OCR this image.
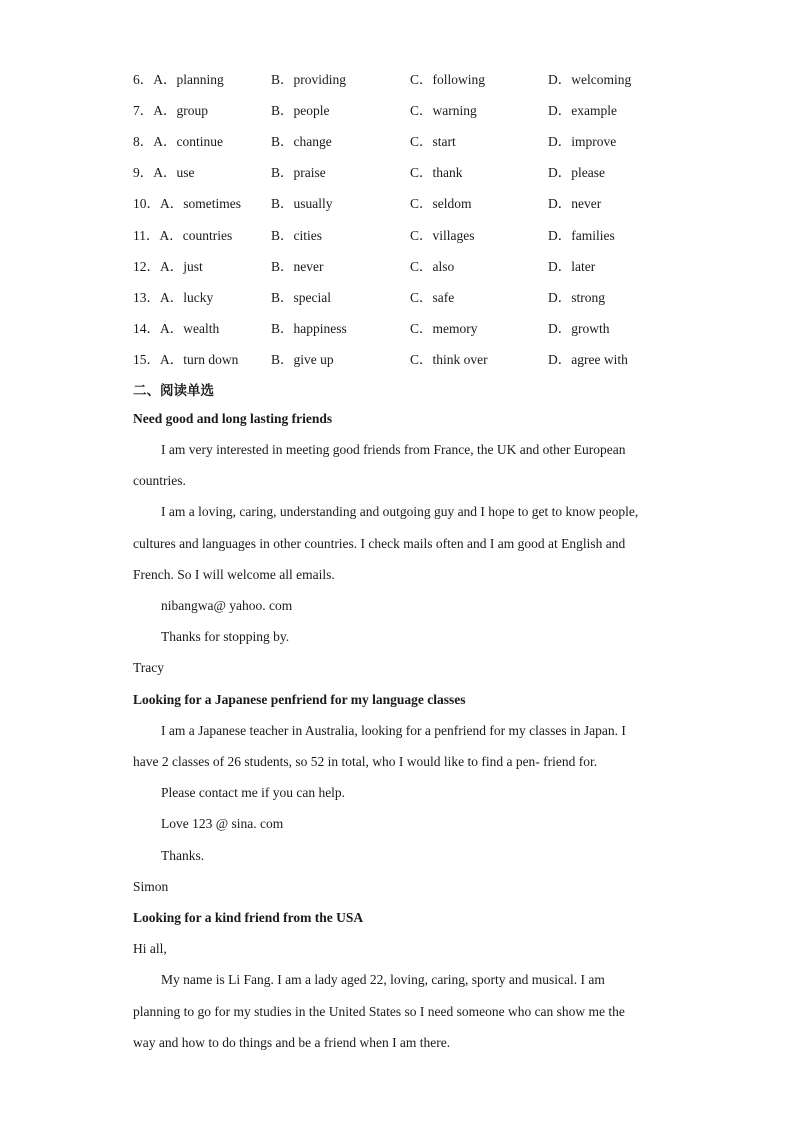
6．A．planning	B．providing	C．following	D．welcoming
7．A．group	B．people	C．warning	D．example
8．A．continue	B．change	C．start	D．improve
9．A．use	B．praise	C．thank	D．please
10．A．sometimes B．usually	C．seldom	D．never
11．A．countries	B．cities	C．villages	D．families
12．A．just	B．never	C．also	D．later
13．A．lucky	B．special	C．safe	D．strong
14．A．wealth	B．happiness	C．memory	D．growth
15．A．turn down B．give up	C．think over	D．agree with
二、阅读单选
Need good and long lasting friends
I am very interested in meeting good friends from France, the UK and other European
countries.
I am a loving, caring, understanding and outgoing guy and I hope to get to know people,
cultures and languages in other countries. I check mails often and I am good at English and
French. So I will welcome all emails.
nibangwa@ yahoo. com
Thanks for stopping by.
Tracy
Looking for a Japanese penfriend for my language classes
I am a Japanese teacher in Australia, looking for a penfriend for my classes in Japan. I
have 2 classes of 26 students, so 52 in total, who I would like to find a pen- friend for.
Please contact me if you can help.
Love 123 @ sina. com
Thanks.
Simon
Looking for a kind friend from the USA
Hi all,
My name is Li Fang. I am a lady aged 22, loving, caring, sporty and musical. I am
planning to go for my studies in the United States so I need someone who can show me the
way and how to do things and be a friend when I am there.
